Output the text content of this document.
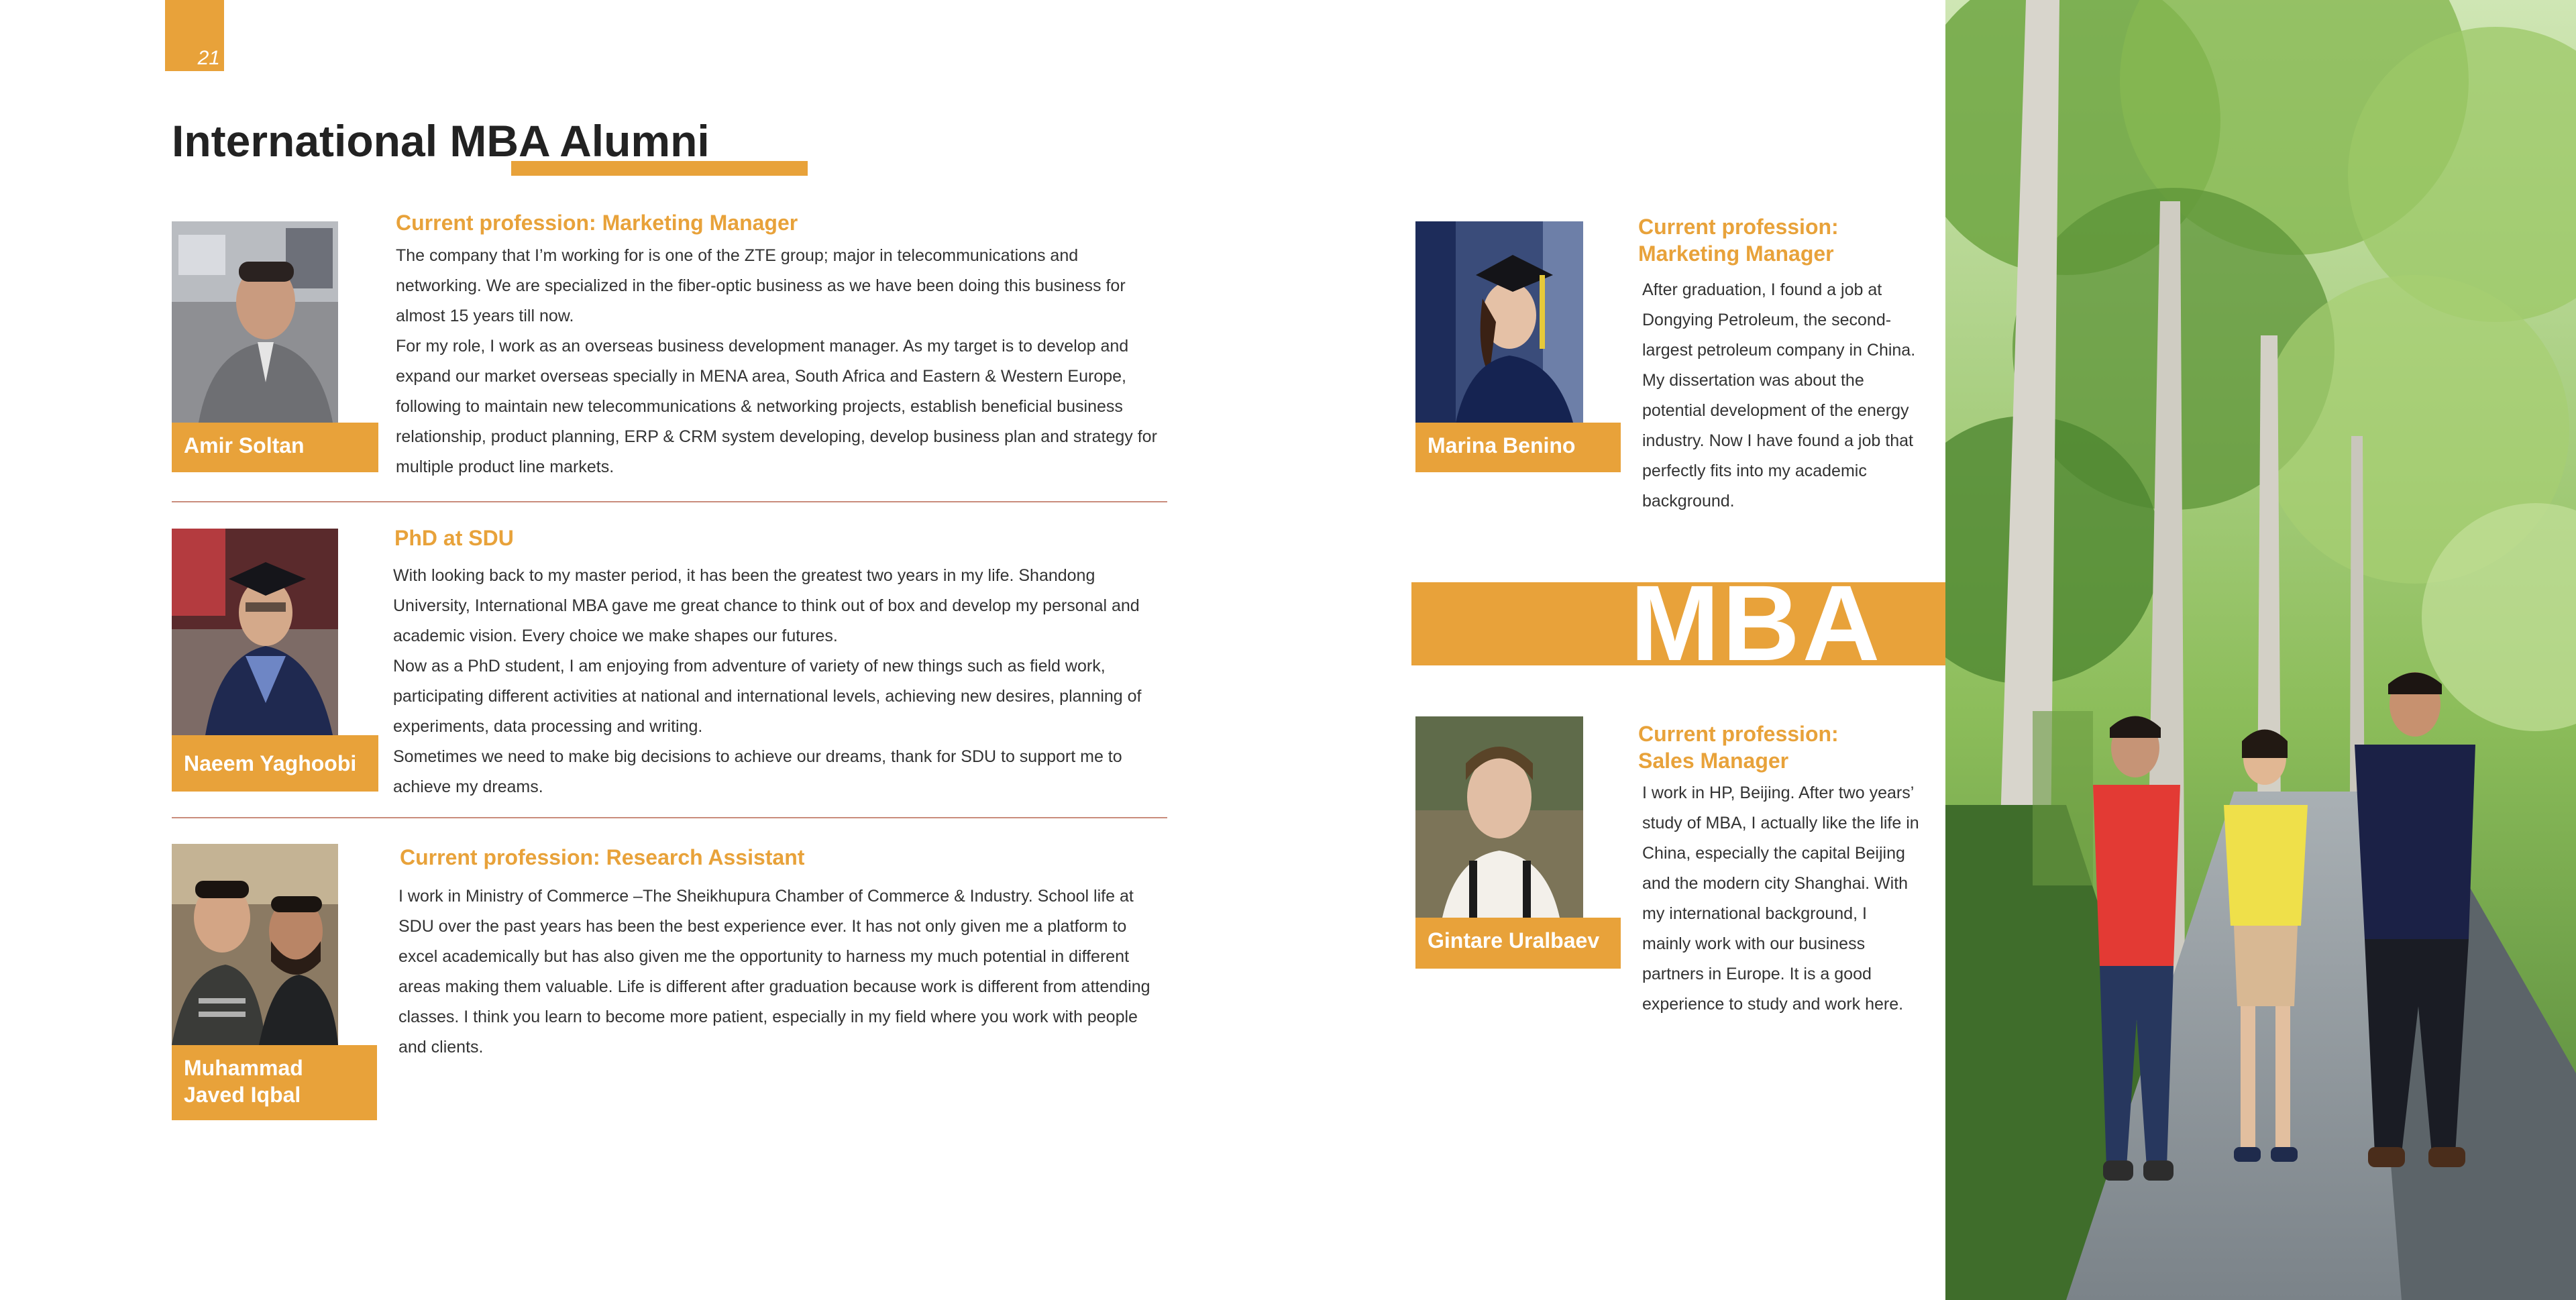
21
International MBA Alumni
Amir Soltan
Current profession: Marketing Manager
The company that I’m working for is one of the ZTE group; major in telecommunications and networking. We are specialized in the fiber-optic business as we have been doing this business for almost 15 years till now.
For my role, I work as an overseas business development manager. As my target is to develop and expand our market overseas specially in MENA area, South Africa and Eastern & Western Europe, following to maintain new telecommunications & networking projects, establish beneficial business relationship, product planning, ERP & CRM system developing, develop business plan and strategy for multiple product line markets.
Naeem Yaghoobi
PhD at SDU
With looking back to my master period, it has been the greatest two years in my life. Shandong University, International MBA gave me great chance to think out of box and develop my personal and academic vision. Every choice we make shapes our futures.
Now as a PhD student, I am enjoying from adventure of variety of new things such as field work, participating different activities at national and international levels, achieving new desires, planning of experiments, data processing and writing.
Sometimes we need to make big decisions to achieve our dreams, thank for SDU to support me to achieve my dreams.
Muhammad Javed Iqbal
Current profession: Research Assistant
I work in Ministry of Commerce –The Sheikhupura Chamber of Commerce & Industry. School life at SDU over the past years has been the best experience ever. It has not only given me a platform to excel academically but has also given me the opportunity to harness my much potential in different areas making them valuable. Life is different after graduation because work is different from attending classes. I think you learn to become more patient, especially in my field where you work with people and clients.
Marina Benino
Current profession: Marketing Manager
After graduation, I found a job at Dongying Petroleum, the second-largest petroleum company in China. My dissertation was about the potential development of the energy industry. Now I have found a job that perfectly fits into my academic background.
MBA
Gintare Uralbaev
Current profession: Sales Manager
I work in HP, Beijing. After two years’ study of MBA, I actually like the life in China, especially the capital Beijing and the modern city Shanghai. With my international background, I mainly work with our business partners in Europe. It is a good experience to study and work here.
